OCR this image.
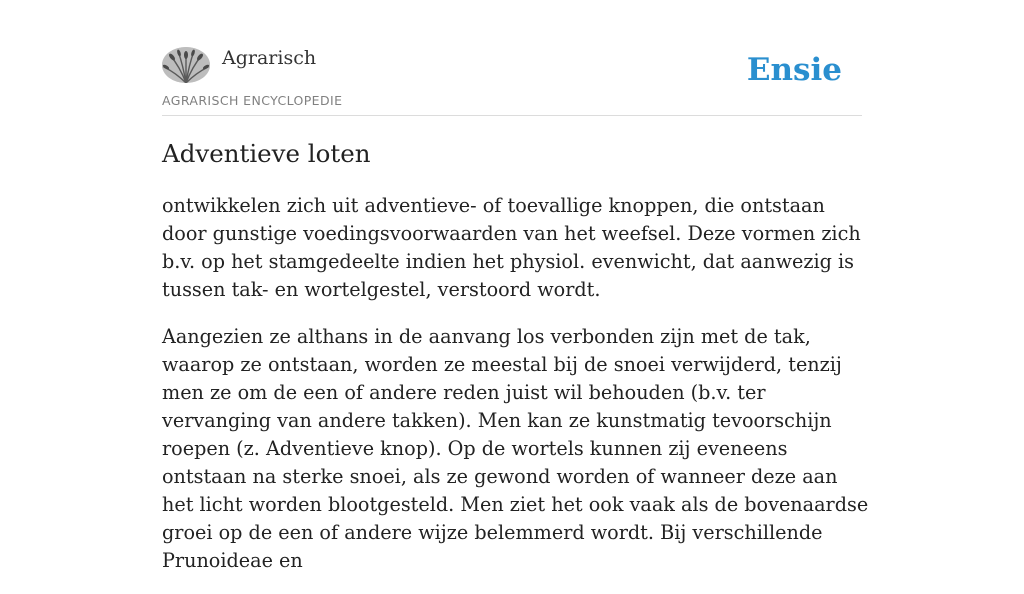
Agrarisch
AGRARISCH ENCYCLOPEDIE
Ensie
Adventieve loten

ontwikkelen zich uit adventieve- of toevallige knoppen, die ontstaan door gunstige voedingsvoorwaarden van het weefsel. Deze vormen zich b.v. op het stamgedeelte indien het physiol. evenwicht, dat aanwezig is tussen tak- en wortelgestel, verstoord wordt.

Aangezien ze althans in de aanvang los verbonden zijn met de tak, waarop ze ontstaan, worden ze meestal bij de snoei verwijderd, tenzij men ze om de een of andere reden juist wil behouden (b.v. ter vervanging van andere takken). Men kan ze kunstmatig tevoorschijn roepen (z. Adventieve knop). Op de wortels kunnen zij eveneens ontstaan na sterke snoei, als ze gewond worden of wanneer deze aan het licht worden blootgesteld. Men ziet het ook vaak als de bovenaardse groei op de een of andere wijze belemmerd wordt. Bij verschillende Prunoideae en
